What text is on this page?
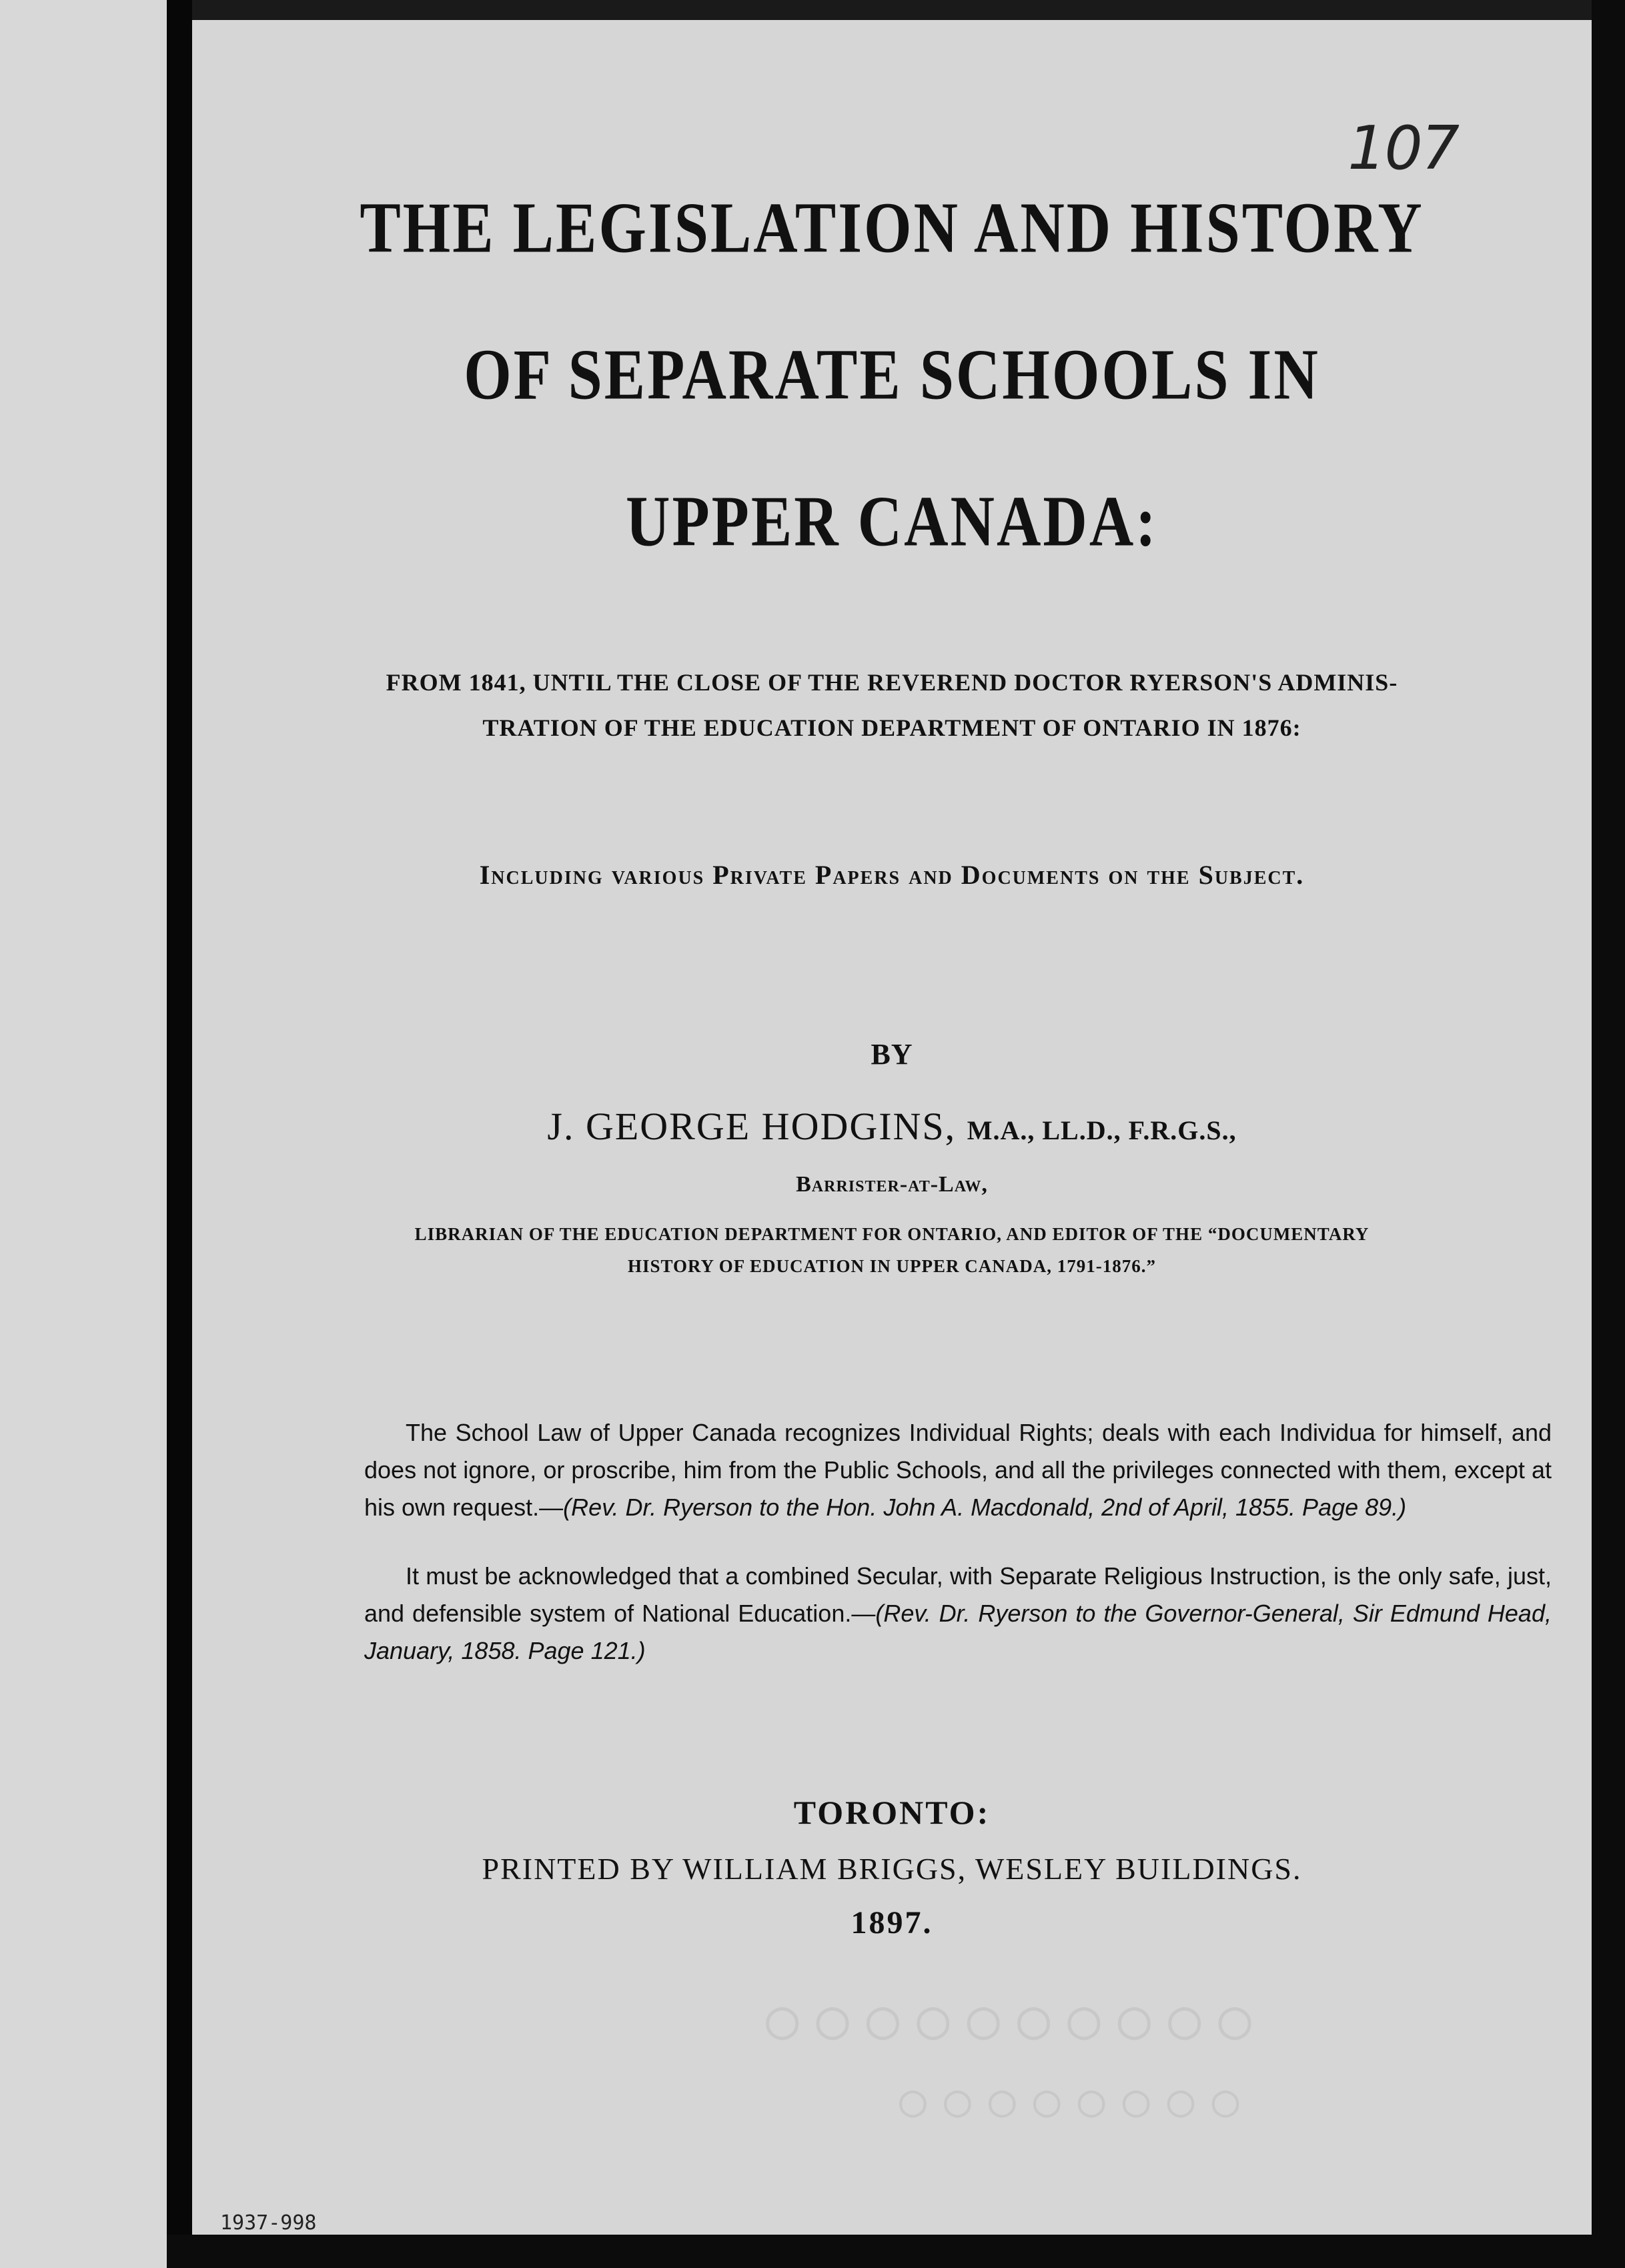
107
THE LEGISLATION AND HISTORY
OF SEPARATE SCHOOLS IN
UPPER CANADA:
FROM 1841, UNTIL THE CLOSE OF THE REVEREND DOCTOR RYERSON'S ADMINIS-
TRATION OF THE EDUCATION DEPARTMENT OF ONTARIO IN 1876:
Including various Private Papers and Documents on the Subject.
BY
J. GEORGE HODGINS, M.A., LL.D., F.R.G.S.,
Barrister-at-Law,
LIBRARIAN OF THE EDUCATION DEPARTMENT FOR ONTARIO, AND EDITOR OF THE “DOCUMENTARY
HISTORY OF EDUCATION IN UPPER CANADA, 1791-1876.”
The School Law of Upper Canada recognizes Individual Rights; deals with each Individua for himself, and does not ignore, or proscribe, him from the Public Schools, and all the privileges connected with them, except at his own request.—(Rev. Dr. Ryerson to the Hon. John A. Macdonald, 2nd of April, 1855. Page 89.)
It must be acknowledged that a combined Secular, with Separate Religious Instruction, is the only safe, just, and defensible system of National Education.—(Rev. Dr. Ryerson to the Governor-General, Sir Edmund Head, January, 1858. Page 121.)
TORONTO:
PRINTED BY WILLIAM BRIGGS, WESLEY BUILDINGS.
1897.
○○○○○○○○○○
○○○○○○○○
1937-998
